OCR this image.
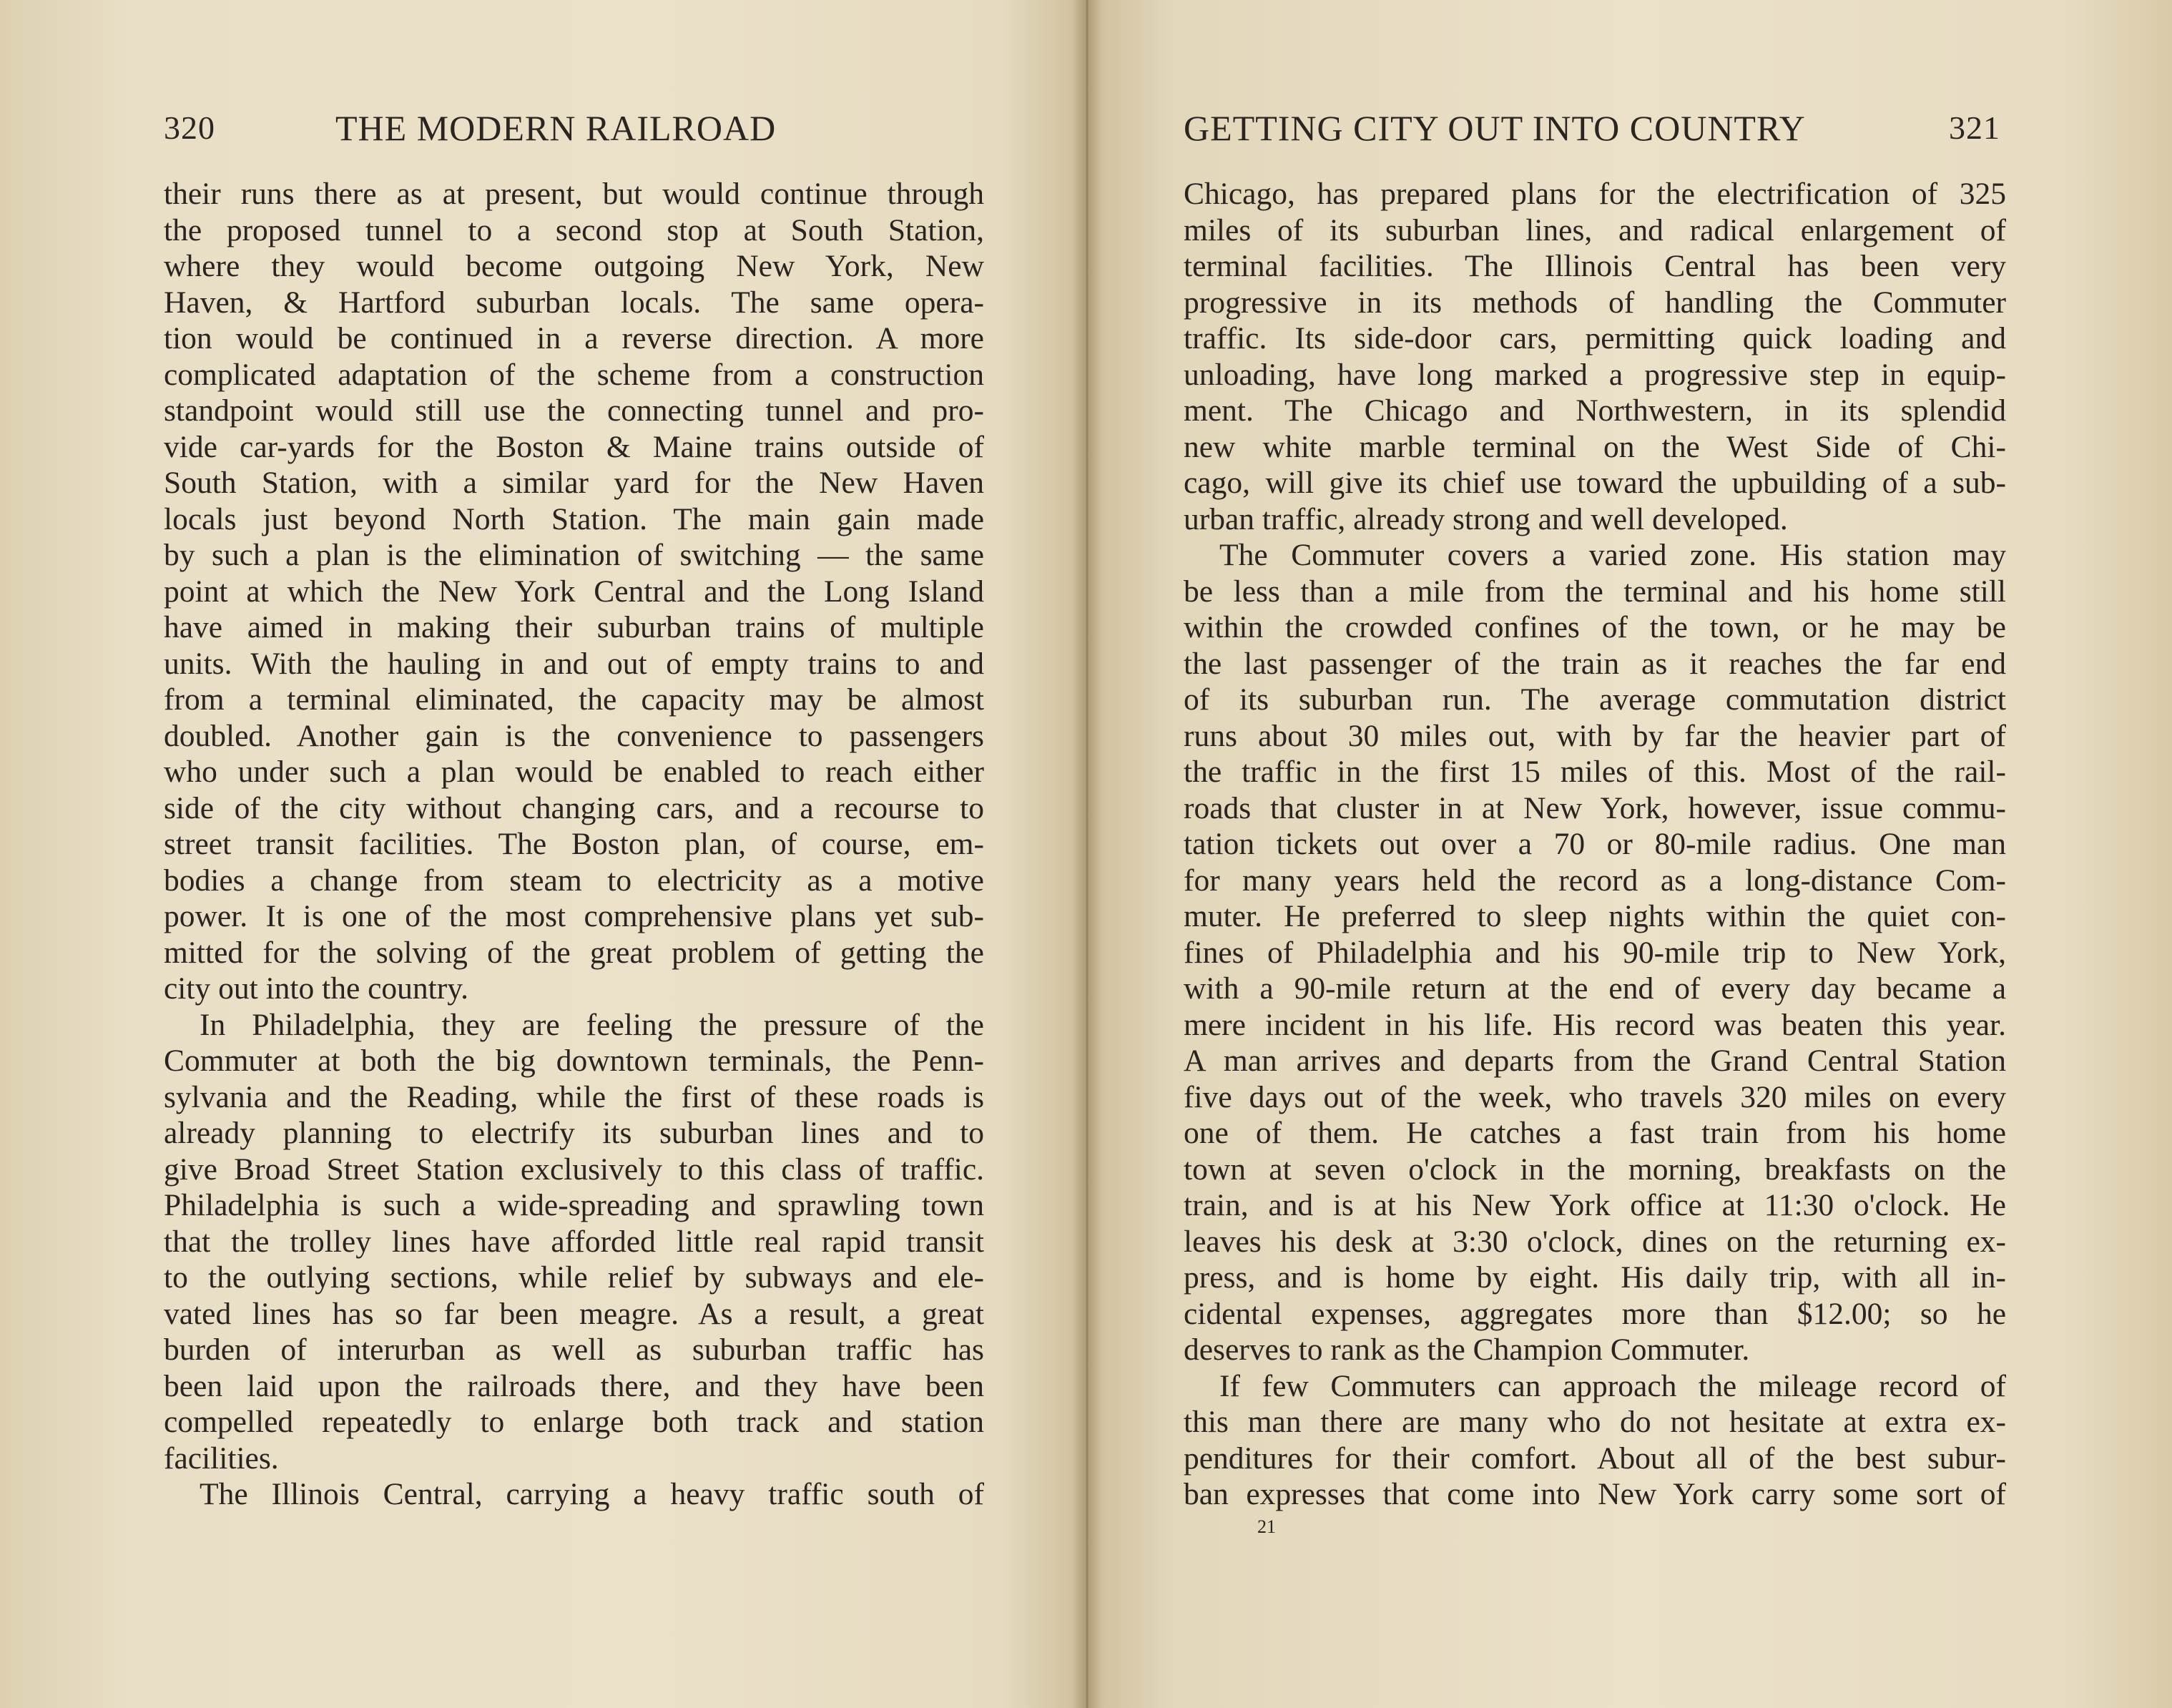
320	THE MODERN RAILROAD

their runs there as at present, but would continue through

the proposed tunnel to a second stop at South Station,

where they would become outgoing New York, New

Haven, & Hartford suburban locals. The same opera-

tion would be continued in a reverse direction. A more

complicated adaptation of the scheme from a construction

standpoint would still use the connecting tunnel and pro-

vide car-yards for the Boston & Maine trains outside of

South Station, with a similar yard for the New Haven

locals just beyond North Station. The main gain made

by such a plan is the elimination of switching — the same

point at which the New York Central and the Long Island

have aimed in making their suburban trains of multiple

units. With the hauling in and out of empty trains to and

from a terminal eliminated, the capacity may be almost

doubled. Another gain is the convenience to passengers

who under such a plan would be enabled to reach either

side of the city without changing cars, and a recourse to

street transit facilities. The Boston plan, of course, em-

bodies a change from steam to electricity as a motive

power. It is one of the most comprehensive plans yet sub-

mitted for the solving of the great problem of getting the

city out into the country.

In Philadelphia, they are feeling the pressure of the

Commuter at both the big downtown terminals, the Penn-

sylvania and the Reading, while the first of these roads is

already planning to electrify its suburban lines and to

give Broad Street Station exclusively to this class of traffic.

Philadelphia is such a wide-spreading and sprawling town

that the trolley lines have afforded little real rapid transit

to the outlying sections, while relief by subways and ele-

vated lines has so far been meagre. As a result, a great

burden of interurban as well as suburban traffic has

been laid upon the railroads there, and they have been

compelled repeatedly to enlarge both track and station

facilities.

The Illinois Central, carrying a heavy traffic south of

GETTING CITY OUT INTO COUNTRY	321

Chicago, has prepared plans for the electrification of 325

miles of its suburban lines, and radical enlargement of

terminal facilities. The Illinois Central has been very

progressive in its methods of handling the Commuter

traffic. Its side-door cars, permitting quick loading and

unloading, have long marked a progressive step in equip-

ment. The Chicago and Northwestern, in its splendid

new white marble terminal on the West Side of Chi-

cago, will give its chief use toward the upbuilding of a sub-

urban traffic, already strong and well developed.

The Commuter covers a varied zone. His station may

be less than a mile from the terminal and his home still

within the crowded confines of the town, or he may be

the last passenger of the train as it reaches the far end

of its suburban run. The average commutation district

runs about 30 miles out, with by far the heavier part of

the traffic in the first 15 miles of this. Most of the rail-

roads that cluster in at New York, however, issue commu-

tation tickets out over a 70 or 80-mile radius. One man

for many years held the record as a long-distance Com-

muter. He preferred to sleep nights within the quiet con-

fines of Philadelphia and his 90-mile trip to New York,

with a 90-mile return at the end of every day became a

mere incident in his life. His record was beaten this year.

A man arrives and departs from the Grand Central Station

five days out of the week, who travels 320 miles on every

one of them. He catches a fast train from his home

town at seven o'clock in the morning, breakfasts on the

train, and is at his New York office at 11:30 o'clock. He

leaves his desk at 3:30 o'clock, dines on the returning ex-

press, and is home by eight. His daily trip, with all in-

cidental expenses, aggregates more than $12.00; so he

deserves to rank as the Champion Commuter.

If few Commuters can approach the mileage record of

this man there are many who do not hesitate at extra ex-

penditures for their comfort. About all of the best subur-

ban expresses that come into New York carry some sort of

21
